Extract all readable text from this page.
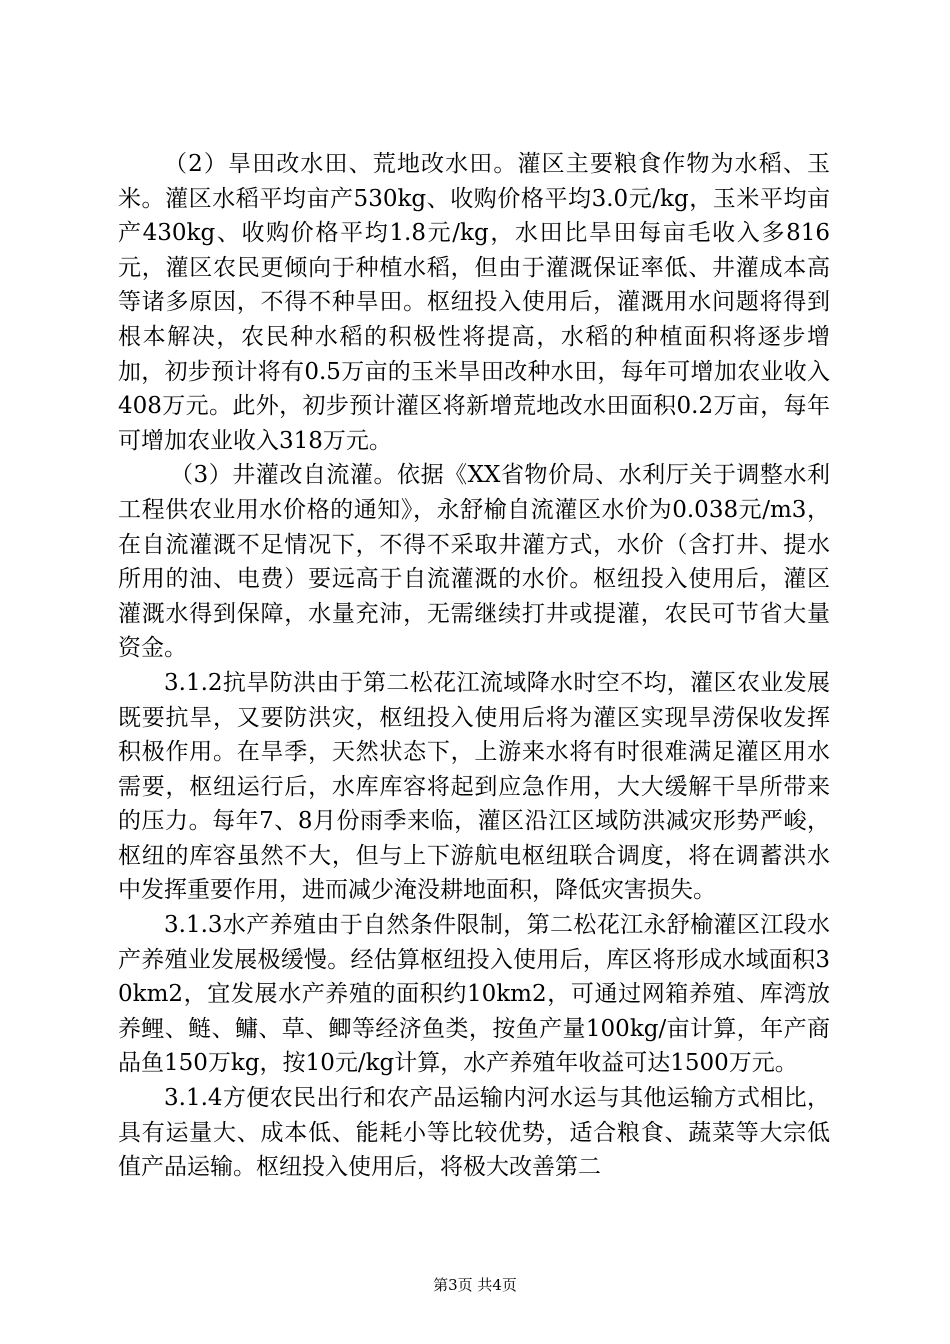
（2）旱田改水田、荒地改水田。灌区主要粮食作物为水稻、玉米。灌区水稻平均亩产530kg、收购价格平均3.0元/kg，玉米平均亩产430kg、收购价格平均1.8元/kg，水田比旱田每亩毛收入多816元，灌区农民更倾向于种植水稻，但由于灌溉保证率低、井灌成本高等诸多原因，不得不种旱田。枢纽投入使用后，灌溉用水问题将得到根本解决，农民种水稻的积极性将提高，水稻的种植面积将逐步增加，初步预计将有0.5万亩的玉米旱田改种水田，每年可增加农业收入408万元。此外，初步预计灌区将新增荒地改水田面积0.2万亩，每年可增加农业收入318万元。

（3）井灌改自流灌。依据《XX省物价局、水利厅关于调整水利工程供农业用水价格的通知》，永舒榆自流灌区水价为0.038元/m3，在自流灌溉不足情况下，不得不采取井灌方式，水价（含打井、提水所用的油、电费）要远高于自流灌溉的水价。枢纽投入使用后，灌区灌溉水得到保障，水量充沛，无需继续打井或提灌，农民可节省大量资金。

3.1.2抗旱防洪由于第二松花江流域降水时空不均，灌区农业发展既要抗旱，又要防洪灾，枢纽投入使用后将为灌区实现旱涝保收发挥积极作用。在旱季，天然状态下，上游来水将有时很难满足灌区用水需要，枢纽运行后，水库库容将起到应急作用，大大缓解干旱所带来的压力。每年7、8月份雨季来临，灌区沿江区域防洪减灾形势严峻，枢纽的库容虽然不大，但与上下游航电枢纽联合调度，将在调蓄洪水中发挥重要作用，进而减少淹没耕地面积，降低灾害损失。

3.1.3水产养殖由于自然条件限制，第二松花江永舒榆灌区江段水产养殖业发展极缓慢。经估算枢纽投入使用后，库区将形成水域面积30km2，宜发展水产养殖的面积约10km2，可通过网箱养殖、库湾放养鲤、鲢、鳙、草、鲫等经济鱼类，按鱼产量100kg/亩计算，年产商品鱼150万kg，按10元/kg计算，水产养殖年收益可达1500万元。

3.1.4方便农民出行和农产品运输内河水运与其他运输方式相比，具有运量大、成本低、能耗小等比较优势，适合粮食、蔬菜等大宗低值产品运输。枢纽投入使用后，将极大改善第二

第3页 共4页
